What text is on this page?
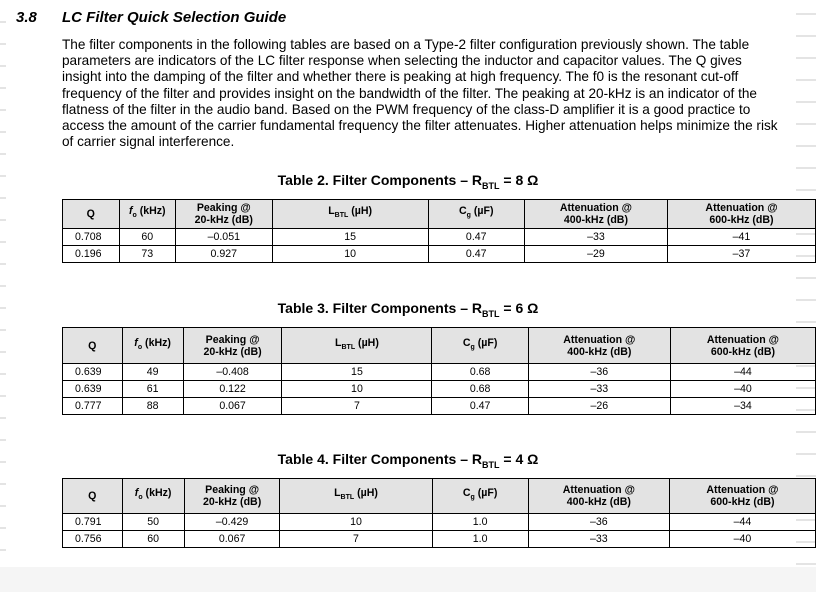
3.8 LC Filter Quick Selection Guide
The filter components in the following tables are based on a Type-2 filter configuration previously shown. The table parameters are indicators of the LC filter response when selecting the inductor and capacitor values. The Q gives insight into the damping of the filter and whether there is peaking at high frequency. The f0 is the resonant cut-off frequency of the filter and provides insight on the bandwidth of the filter. The peaking at 20-kHz is an indicator of the flatness of the filter in the audio band. Based on the PWM frequency of the class-D amplifier it is a good practice to access the amount of the carrier fundamental frequency the filter attenuates. Higher attenuation helps minimize the risk of carrier signal interference.
Table 2. Filter Components – $R_{BTL} = 8$ Ω
Q	$f_o$ (kHz)	Peaking @
20-kHz (dB)	$L_{BTL}$ (µH)	$C_g$ (µF)	Attenuation @
400-kHz (dB)	Attenuation @
600-kHz (dB)
0.708	60	–0.051	15	0.47	–33	–41
0.196	73	0.927	10	0.47	–29	–37
Table 3. Filter Components – $R_{BTL} = 6$ Ω
Q	$f_o$ (kHz)	Peaking @
20-kHz (dB)	$L_{BTL}$ (µH)	$C_g$ (µF)	Attenuation @
400-kHz (dB)	Attenuation @
600-kHz (dB)
0.639	49	–0.408	15	0.68	–36	–44
0.639	61	0.122	10	0.68	–33	–40
0.777	88	0.067	7	0.47	–26	–34
Table 4. Filter Components – $R_{BTL} = 4$ Ω
Q	$f_o$ (kHz)	Peaking @
20-kHz (dB)	$L_{BTL}$ (µH)	$C_g$ (µF)	Attenuation @
400-kHz (dB)	Attenuation @
600-kHz (dB)
0.791	50	–0.429	10	1.0	–36	–44
0.756	60	0.067	7	1.0	–33	–40
